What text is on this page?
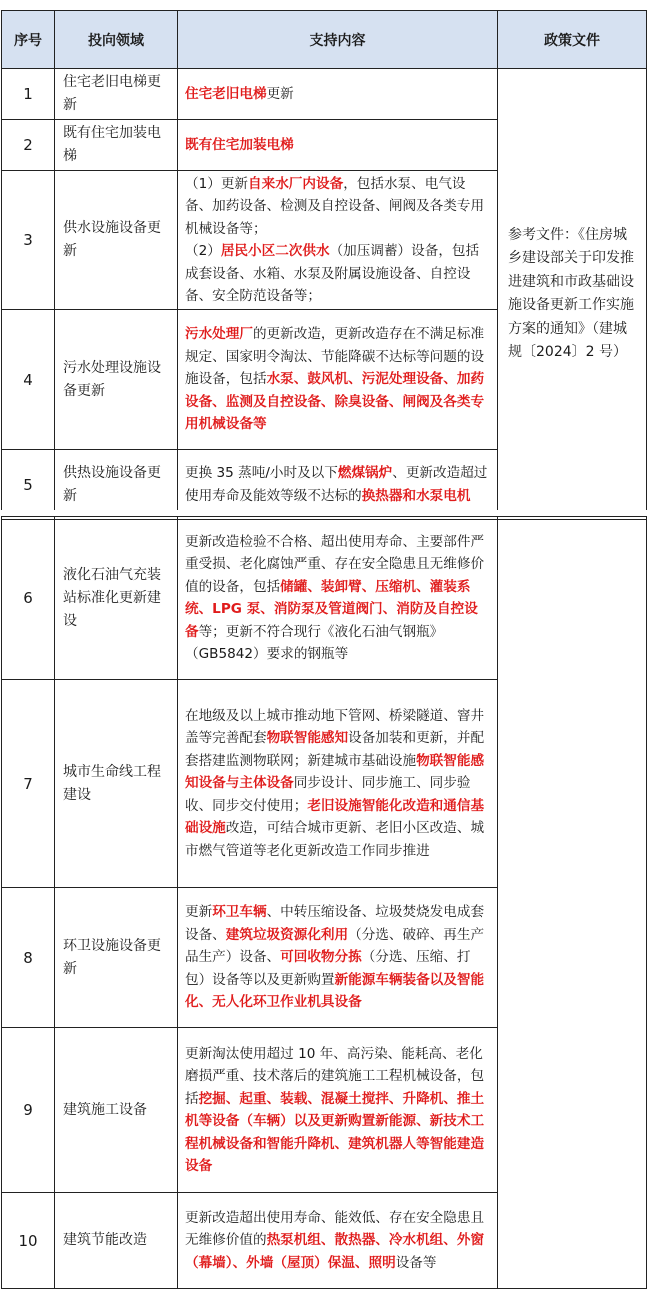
序号	投向领域	支持内容	政策文件
1	住宅老旧电梯更新	住宅老旧电梯更新	参考文件：《住房城乡建设部关于印发推进建筑和市政基础设施设备更新工作实施方案的通知》（建城规〔2024〕2 号）
2	既有住宅加装电梯	既有住宅加装电梯	
3	供水设施设备更新	（1）更新自来水厂内设备，包括水泵、电气设备、加药设备、检测及自控设备、闸阀及各类专用机械设备等；
（2）居民小区二次供水（加压调蓄）设备，包括成套设备、水箱、水泵及附属设施设备、自控设备、安全防范设备等；	
4	污水处理设施设备更新	污水处理厂的更新改造，更新改造存在不满足标准规定、国家明令淘汰、节能降碳不达标等问题的设施设备，包括水泵、鼓风机、污泥处理设备、加药设备、监测及自控设备、除臭设备、闸阀及各类专用机械设备等	
5	供热设施设备更新	更换 35 蒸吨/小时及以下燃煤锅炉、更新改造超过使用寿命及能效等级不达标的换热器和水泵电机	
6	液化石油气充装站标准化更新建设	更新改造检验不合格、超出使用寿命、主要部件严重受损、老化腐蚀严重、存在安全隐患且无维修价值的设备，包括储罐、装卸臂、压缩机、灌装系统、LPG 泵、消防泵及管道阀门、消防及自控设备等；更新不符合现行《液化石油气钢瓶》（GB5842）要求的钢瓶等	
7	城市生命线工程建设	在地级及以上城市推动地下管网、桥梁隧道、窨井盖等完善配套物联智能感知设备加装和更新，并配套搭建监测物联网；新建城市基础设施物联智能感知设备与主体设备同步设计、同步施工、同步验收、同步交付使用；老旧设施智能化改造和通信基础设施改造，可结合城市更新、老旧小区改造、城市燃气管道等老化更新改造工作同步推进	
8	环卫设施设备更新	更新环卫车辆、中转压缩设备、垃圾焚烧发电成套设备、建筑垃圾资源化利用（分选、破碎、再生产品生产）设备、可回收物分拣（分选、压缩、打包）设备等以及更新购置新能源车辆装备以及智能化、无人化环卫作业机具设备	
9	建筑施工设备	更新淘汰使用超过 10 年、高污染、能耗高、老化磨损严重、技术落后的建筑施工工程机械设备，包括挖掘、起重、装载、混凝土搅拌、升降机、推土机等设备（车辆）以及更新购置新能源、新技术工程机械设备和智能升降机、建筑机器人等智能建造设备	
10	建筑节能改造	更新改造超出使用寿命、能效低、存在安全隐患且无维修价值的热泵机组、散热器、冷水机组、外窗（幕墙）、外墙（屋顶）保温、照明设备等	
